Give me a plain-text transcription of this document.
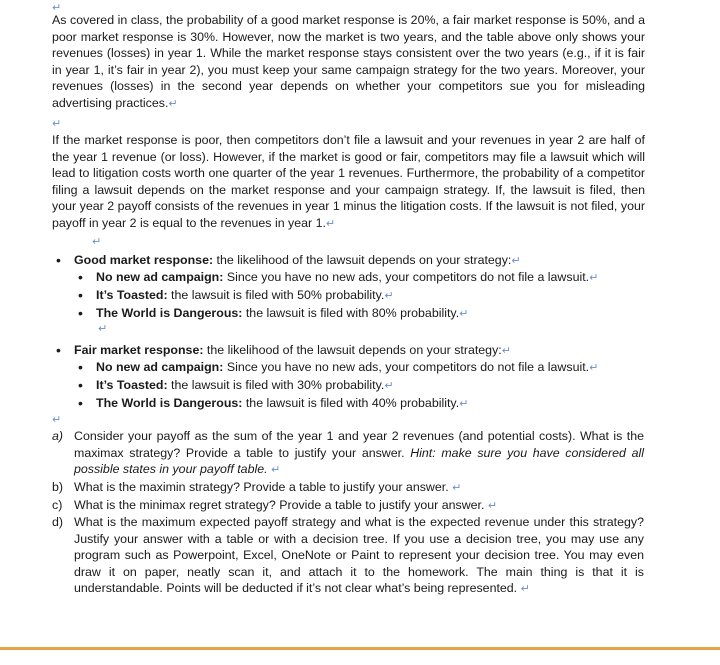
↵

As covered in class, the probability of a good market response is 20%, a fair market response is 50%, and a poor market response is 30%. However, now the market is two years, and the table above only shows your revenues (losses) in year 1. While the market response stays consistent over the two years (e.g., if it is fair in year 1, it’s fair in year 2), you must keep your same campaign strategy for the two years. Moreover, your revenues (losses) in the second year depends on whether your competitors sue you for misleading advertising practices.↵

↵

If the market response is poor, then competitors don’t file a lawsuit and your revenues in year 2 are half of the year 1 revenue (or loss). However, if the market is good or fair, competitors may file a lawsuit which will lead to litigation costs worth one quarter of the year 1 revenues. Furthermore, the probability of a competitor filing a lawsuit depends on the market response and your campaign strategy. If, the lawsuit is filed, then your year 2 payoff consists of the revenues in year 1 minus the litigation costs. If the lawsuit is not filed, your payoff in year 2 is equal to the revenues in year 1.↵

↵
• Good market response: the likelihood of the lawsuit depends on your strategy:↵
• No new ad campaign: Since you have no new ads, your competitors do not file a lawsuit.↵
• It’s Toasted: the lawsuit is filed with 50% probability.↵
• The World is Dangerous: the lawsuit is filed with 80% probability.↵
↵
• Fair market response: the likelihood of the lawsuit depends on your strategy:↵
• No new ad campaign: Since you have no new ads, your competitors do not file a lawsuit.↵
• It’s Toasted: the lawsuit is filed with 30% probability.↵
• The World is Dangerous: the lawsuit is filed with 40% probability.↵
↵
a) Consider your payoff as the sum of the year 1 and year 2 revenues (and potential costs). What is the maximax strategy? Provide a table to justify your answer. Hint: make sure you have considered all possible states in your payoff table. ↵
b) What is the maximin strategy? Provide a table to justify your answer. ↵
c) What is the minimax regret strategy? Provide a table to justify your answer. ↵
d) What is the maximum expected payoff strategy and what is the expected revenue under this strategy? Justify your answer with a table or with a decision tree. If you use a decision tree, you may use any program such as Powerpoint, Excel, OneNote or Paint to represent your decision tree. You may even draw it on paper, neatly scan it, and attach it to the homework. The main thing is that it is understandable. Points will be deducted if it’s not clear what’s being represented. ↵
